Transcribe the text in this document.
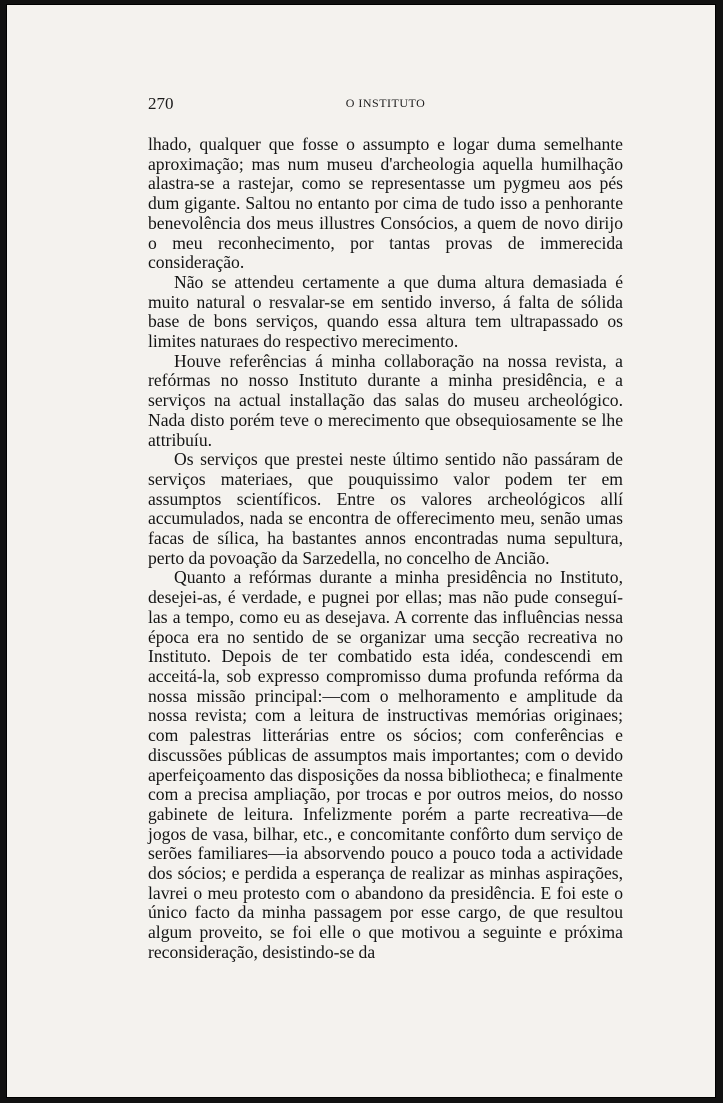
270	O INSTITUTO

lhado, qualquer que fosse o assumpto e logar duma semelhante aproximação; mas num museu d'archeologia aquella humilhação alastra-se a rastejar, como se representasse um pygmeu aos pés dum gigante. Saltou no entanto por cima de tudo isso a penhorante benevolência dos meus illustres Consócios, a quem de novo dirijo o meu reconhecimento, por tantas provas de immerecida consideração.

Não se attendeu certamente a que duma altura demasiada é muito natural o resvalar-se em sentido inverso, á falta de sólida base de bons serviços, quando essa altura tem ultrapassado os limites naturaes do respectivo merecimento.

Houve referências á minha collaboração na nossa revista, a refórmas no nosso Instituto durante a minha presidência, e a serviços na actual installação das salas do museu archeológico. Nada disto porém teve o merecimento que obsequiosamente se lhe attribuíu.

Os serviços que prestei neste último sentido não passáram de serviços materiaes, que pouquissimo valor podem ter em assumptos scientíficos. Entre os valores archeológicos allí accumulados, nada se encontra de offerecimento meu, senão umas facas de sílica, ha bastantes annos encontradas numa sepultura, perto da povoação da Sarzedella, no concelho de Ancião.

Quanto a refórmas durante a minha presidência no Instituto, desejei-as, é verdade, e pugnei por ellas; mas não pude conseguí-las a tempo, como eu as desejava. A corrente das influências nessa época era no sentido de se organizar uma secção recreativa no Instituto. Depois de ter combatido esta idéa, condescendi em acceitá-la, sob expresso compromisso duma profunda refórma da nossa missão principal:—com o melhoramento e amplitude da nossa revista; com a leitura de instructivas memórias originaes; com palestras litterárias entre os sócios; com conferências e discussões públicas de assumptos mais importantes; com o devido aperfeiçoamento das disposições da nossa bibliotheca; e finalmente com a precisa ampliação, por trocas e por outros meios, do nosso gabinete de leitura. Infelizmente porém a parte recreativa—de jogos de vasa, bilhar, etc., e concomitante confôrto dum serviço de serões familiares—ia absorvendo pouco a pouco toda a actividade dos sócios; e perdida a esperança de realizar as minhas aspirações, lavrei o meu protesto com o abandono da presidência. E foi este o único facto da minha passagem por esse cargo, de que resultou algum proveito, se foi elle o que motivou a seguinte e próxima reconsideração, desistindo-se da
